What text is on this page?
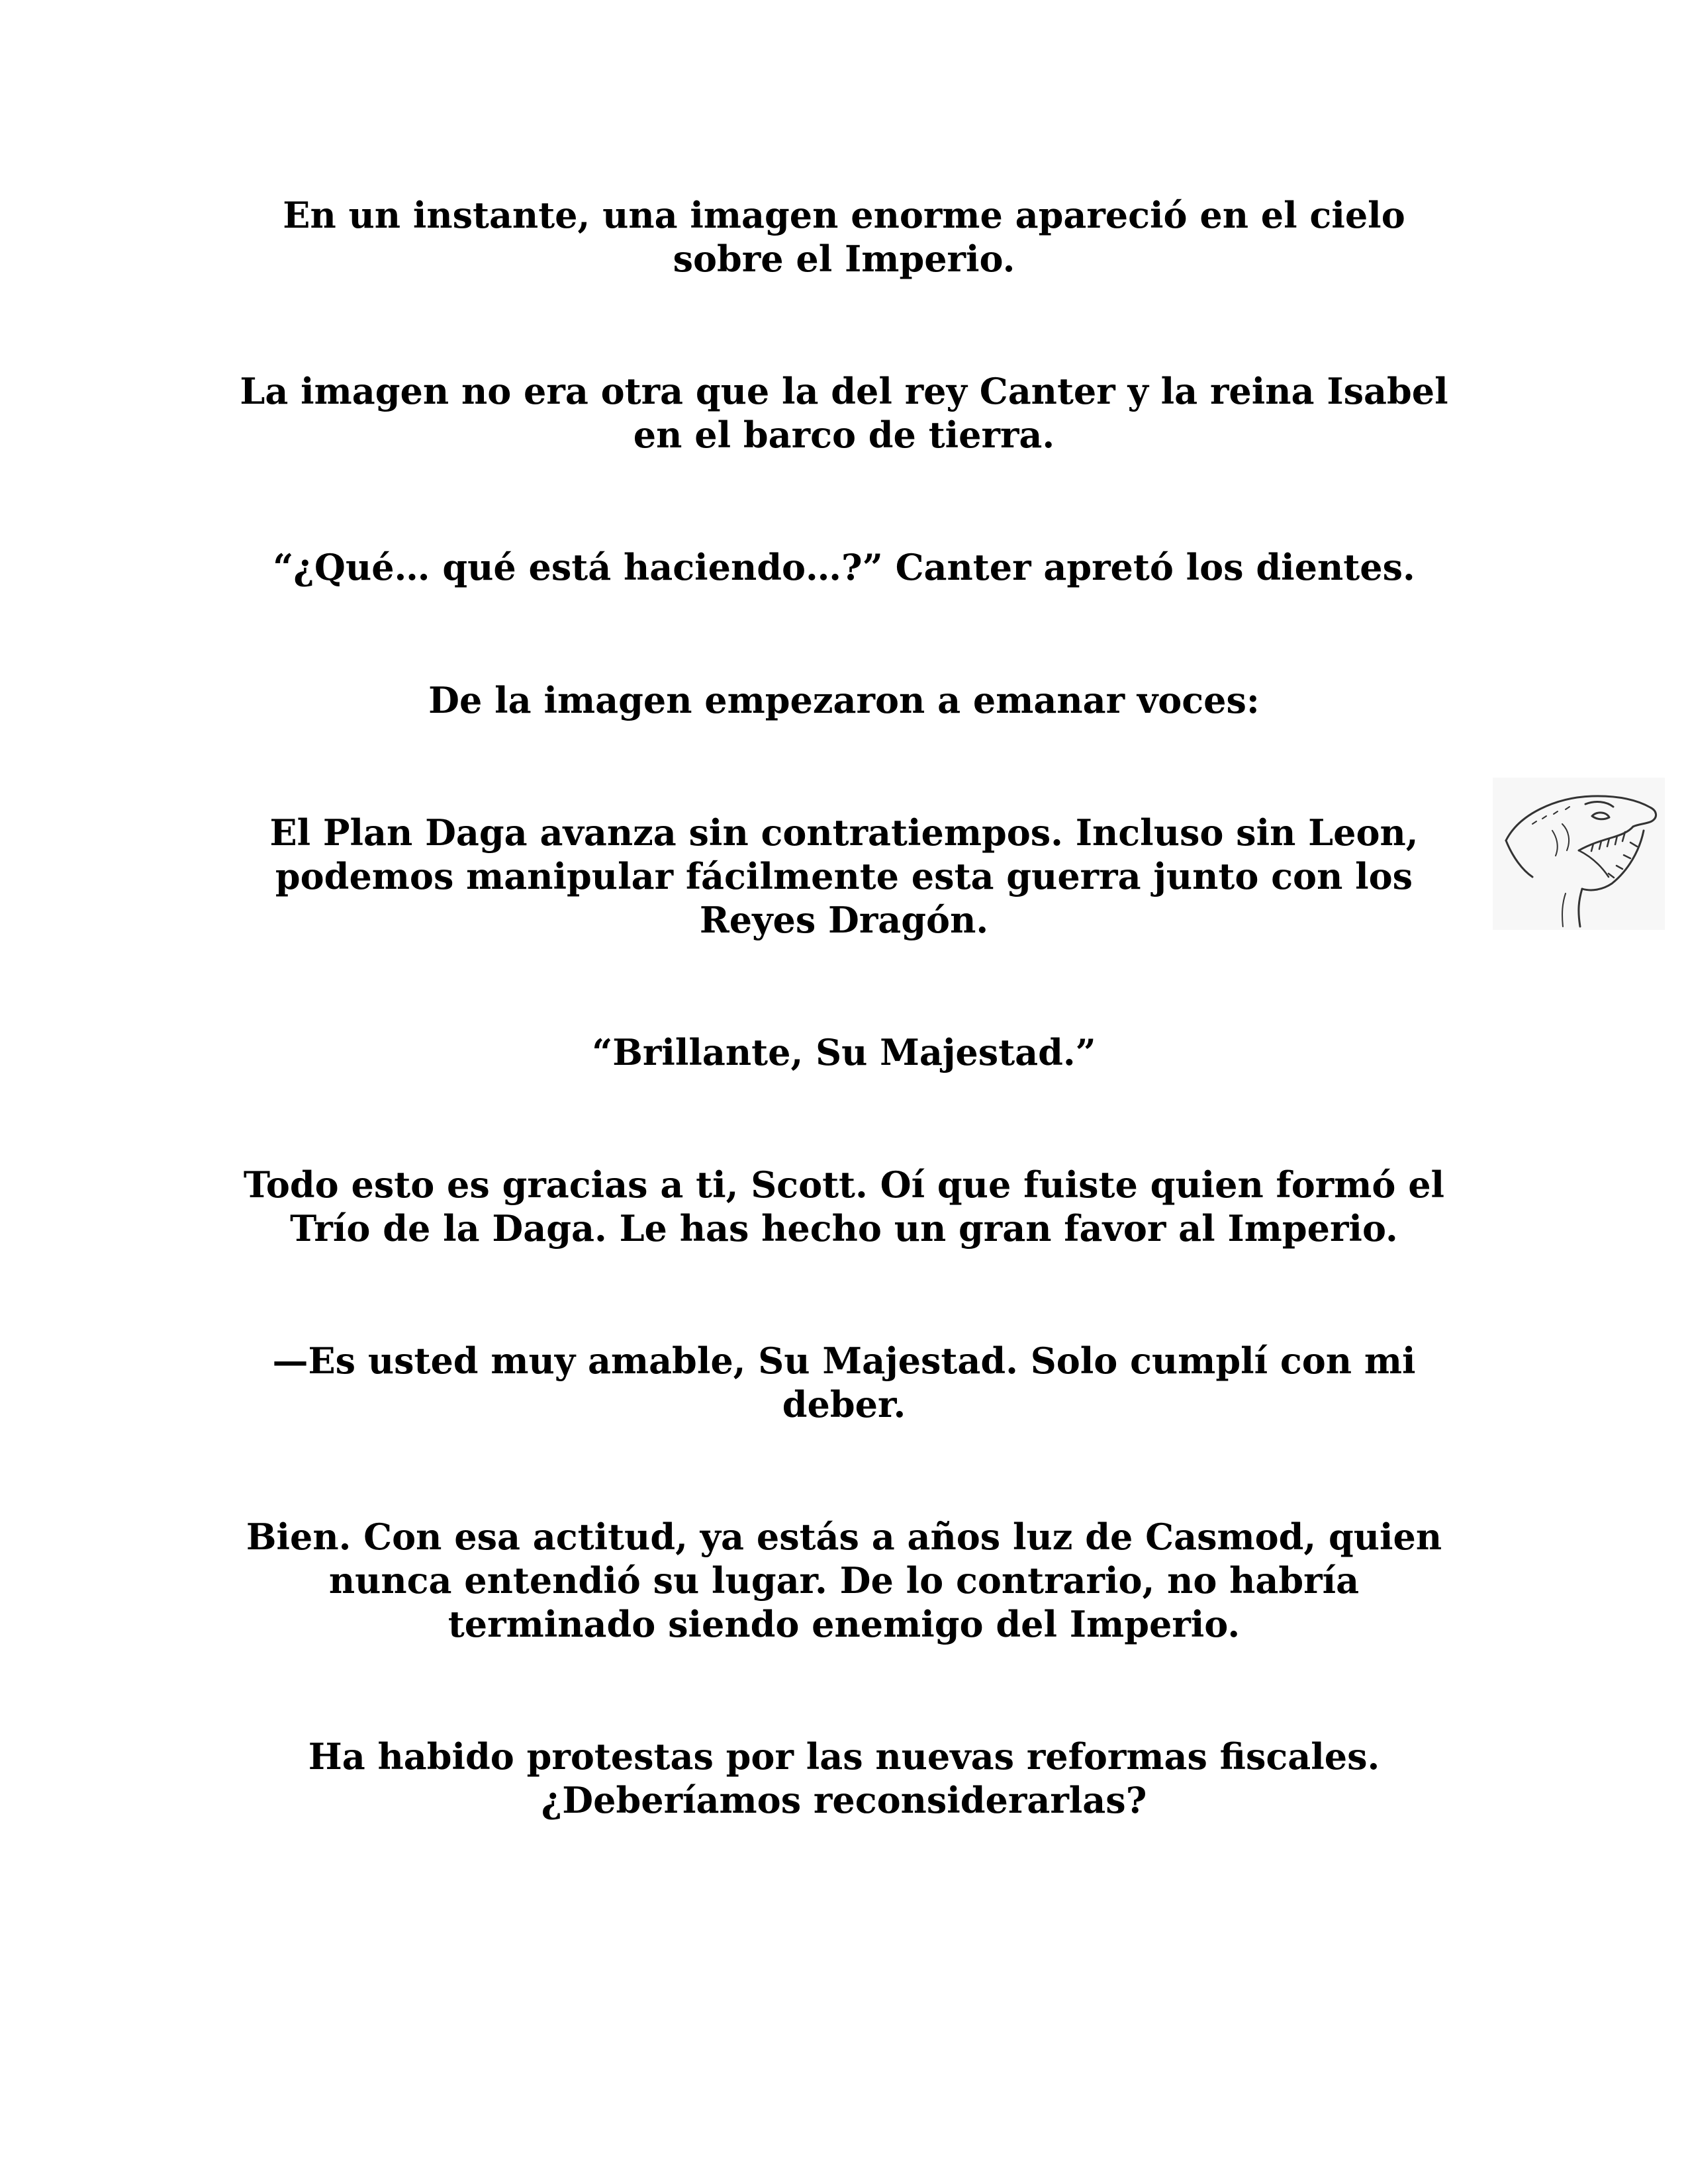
En un instante, una imagen enorme apareció en el cielo sobre el Imperio.

La imagen no era otra que la del rey Canter y la reina Isabel en el barco de tierra.

“¿Qué… qué está haciendo…?” Canter apretó los dientes.

De la imagen empezaron a emanar voces:

El Plan Daga avanza sin contratiempos. Incluso sin Leon, podemos manipular fácilmente esta guerra junto con los Reyes Dragón.

“Brillante, Su Majestad.”

Todo esto es gracias a ti, Scott. Oí que fuiste quien formó el Trío de la Daga. Le has hecho un gran favor al Imperio.

—Es usted muy amable, Su Majestad. Solo cumplí con mi deber.

Bien. Con esa actitud, ya estás a años luz de Casmod, quien nunca entendió su lugar. De lo contrario, no habría terminado siendo enemigo del Imperio.

Ha habido protestas por las nuevas reformas fiscales. ¿Deberíamos reconsiderarlas?
